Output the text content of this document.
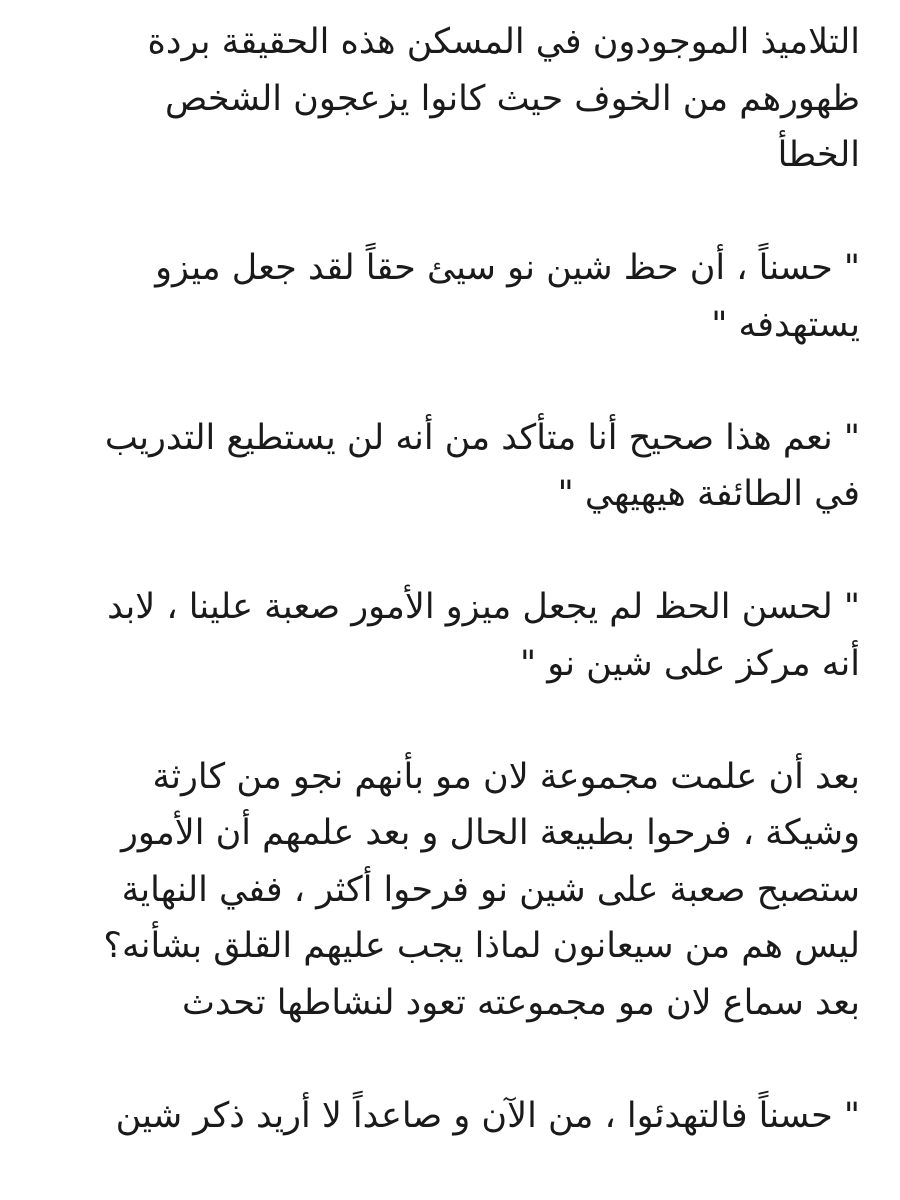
التلاميذ الموجودون في المسكن هذه الحقيقة بردة
ظهورهم من الخوف حيث كانوا يزعجون الشخص
الخطأ

" حسناً ، أن حظ شين نو سيئ حقاً لقد جعل ميزو
يستهدفه "

" نعم هذا صحيح أنا متأكد من أنه لن يستطيع التدريب
في الطائفة هيهيهي "

" لحسن الحظ لم يجعل ميزو الأمور صعبة علينا ، لابد
أنه مركز على شين نو "

بعد أن علمت مجموعة لان مو بأنهم نجو من كارثة
وشيكة ، فرحوا بطبيعة الحال و بعد علمهم أن الأمور
ستصبح صعبة على شين نو فرحوا أكثر ، ففي النهاية
ليس هم من سيعانون لماذا يجب عليهم القلق بشأنه؟
بعد سماع لان مو مجموعته تعود لنشاطها تحدث

" حسناً فالتهدئوا ، من الآن و صاعداً لا أريد ذكر شين
